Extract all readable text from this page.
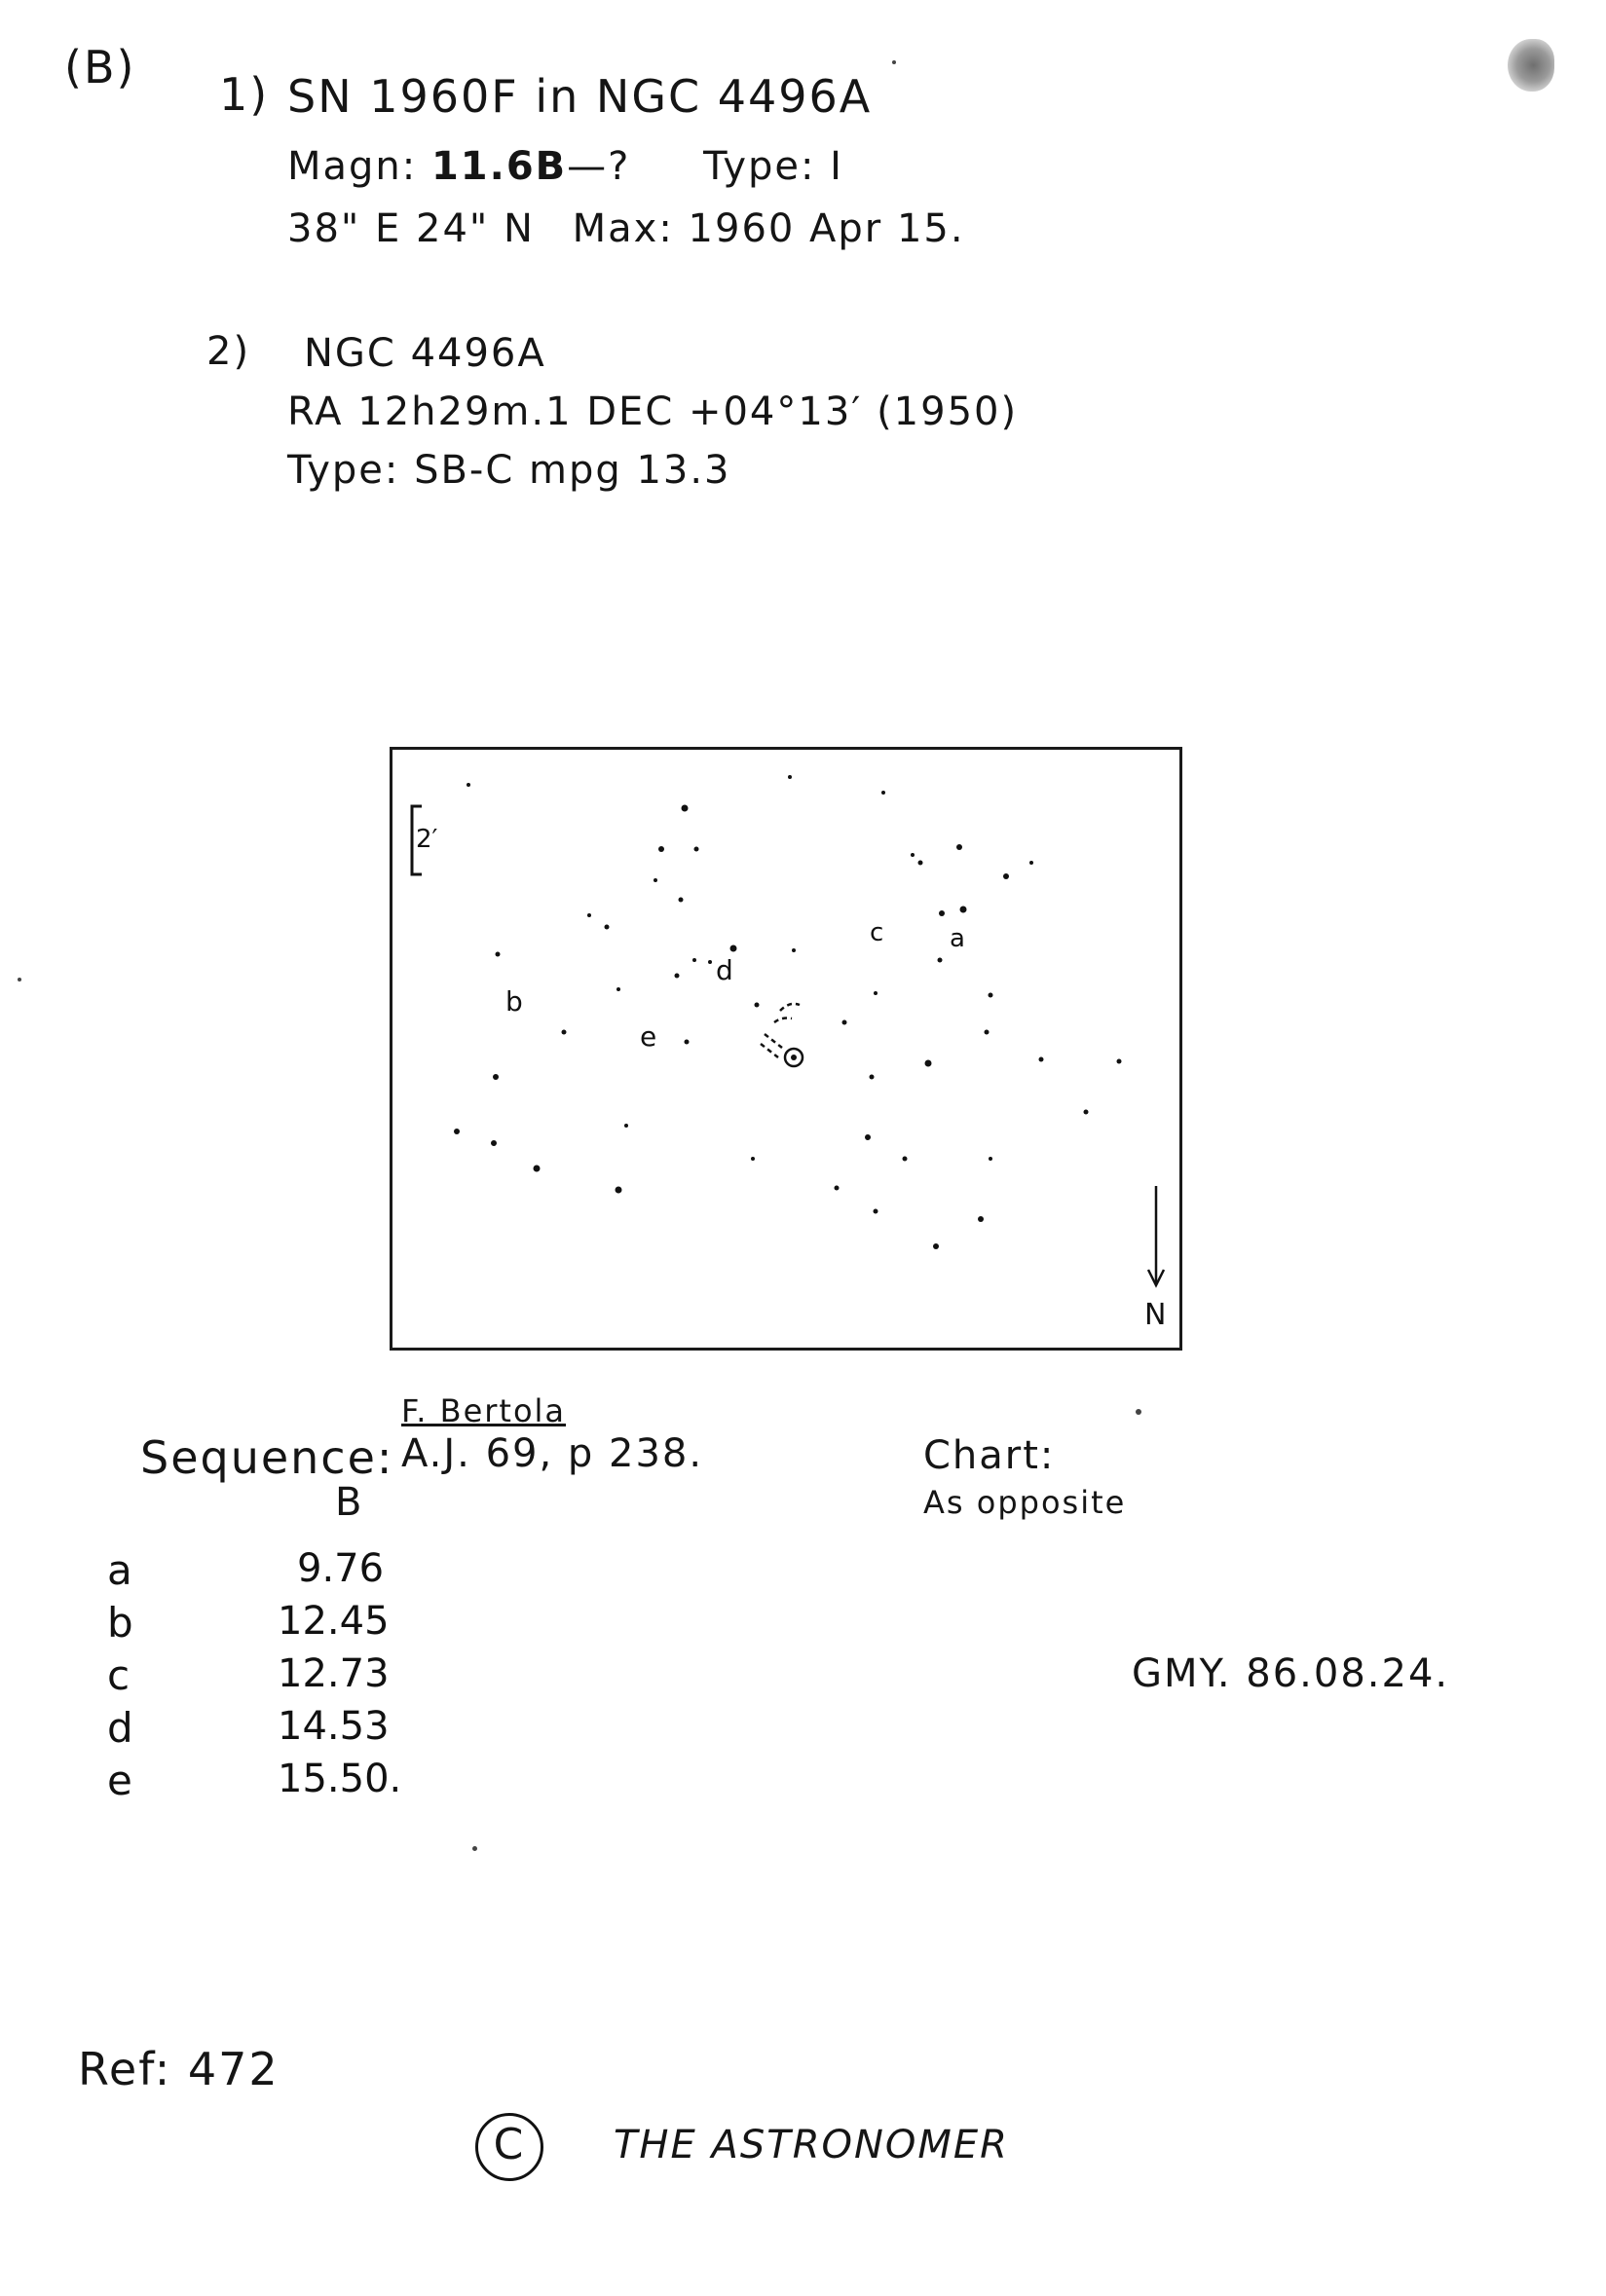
(B)
1) SN 1960F in NGC 4496A
Magn: 11.6B—? Type: I
38" E 24" N Max: 1960 Apr 15.
2) NGC 4496A
RA 12h29m.1 DEC +04°13′ (1950)
Type: SB-C mpg 13.3
2′
d
c	a
b
e
N
F. Bertola
A.J. 69, p 238.
Sequence:
B
a	9.76
b	12.45
c	12.73
d	14.53
e	15.50.
Chart:
As opposite
GMY. 86.08.24.
Ref: 472
C	THE ASTRONOMER
